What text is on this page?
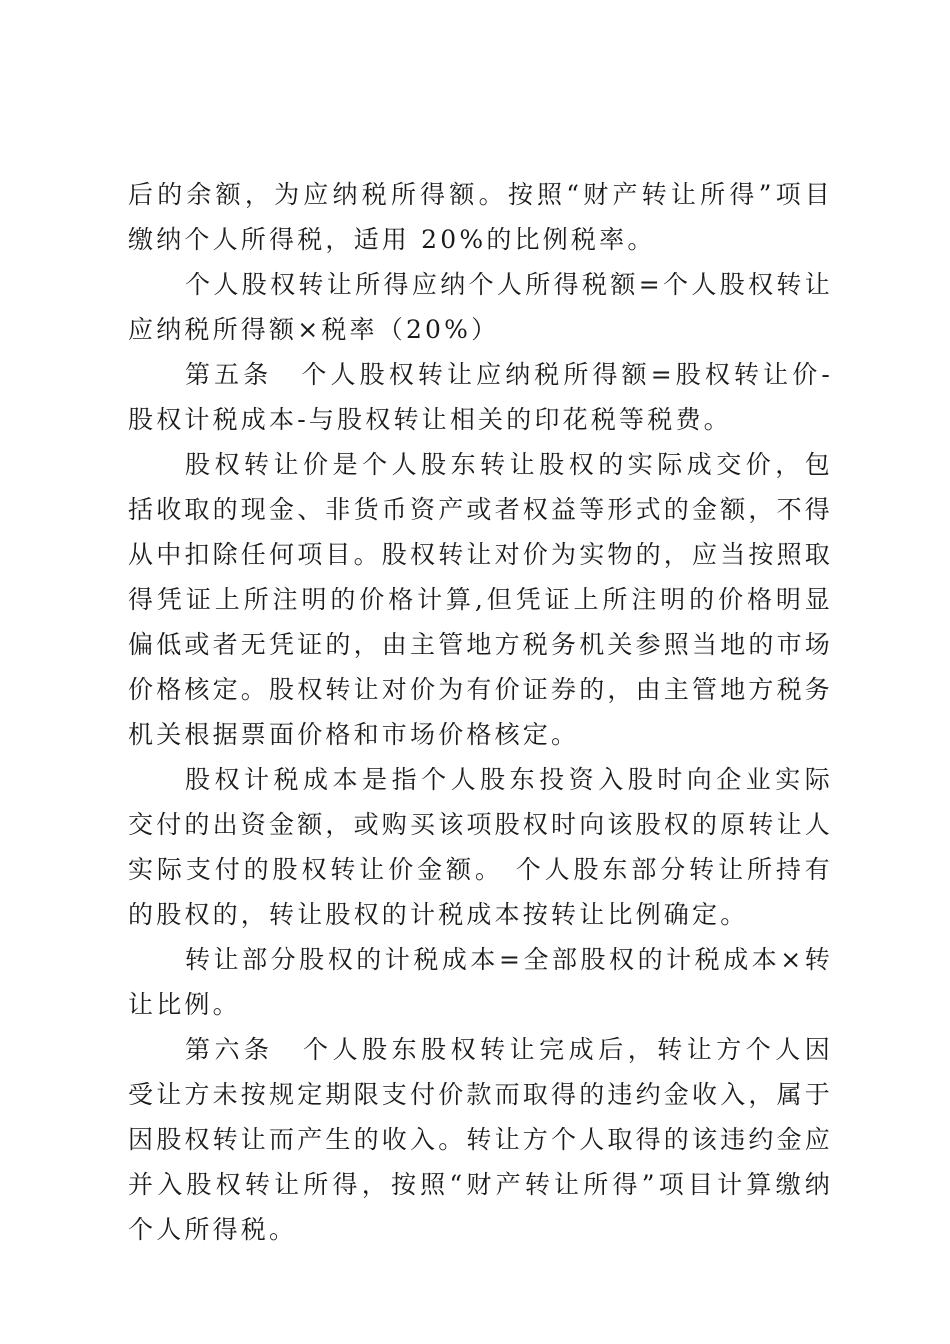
后的余额，为应纳税所得额。按照“财产转让所得”项目缴纳个人所得税，适用 20%的比例税率。

个人股权转让所得应纳个人所得税额=个人股权转让应纳税所得额×税率（20%）

第五条　个人股权转让应纳税所得额=股权转让价-股权计税成本-与股权转让相关的印花税等税费。

股权转让价是个人股东转让股权的实际成交价，包括收取的现金、非货币资产或者权益等形式的金额，不得从中扣除任何项目。股权转让对价为实物的，应当按照取得凭证上所注明的价格计算,但凭证上所注明的价格明显偏低或者无凭证的，由主管地方税务机关参照当地的市场价格核定。股权转让对价为有价证券的，由主管地方税务机关根据票面价格和市场价格核定。

股权计税成本是指个人股东投资入股时向企业实际交付的出资金额，或购买该项股权时向该股权的原转让人实际支付的股权转让价金额。 个人股东部分转让所持有的股权的，转让股权的计税成本按转让比例确定。

转让部分股权的计税成本=全部股权的计税成本×转让比例。

第六条　个人股东股权转让完成后，转让方个人因受让方未按规定期限支付价款而取得的违约金收入，属于因股权转让而产生的收入。转让方个人取得的该违约金应并入股权转让所得，按照“财产转让所得”项目计算缴纳个人所得税。
